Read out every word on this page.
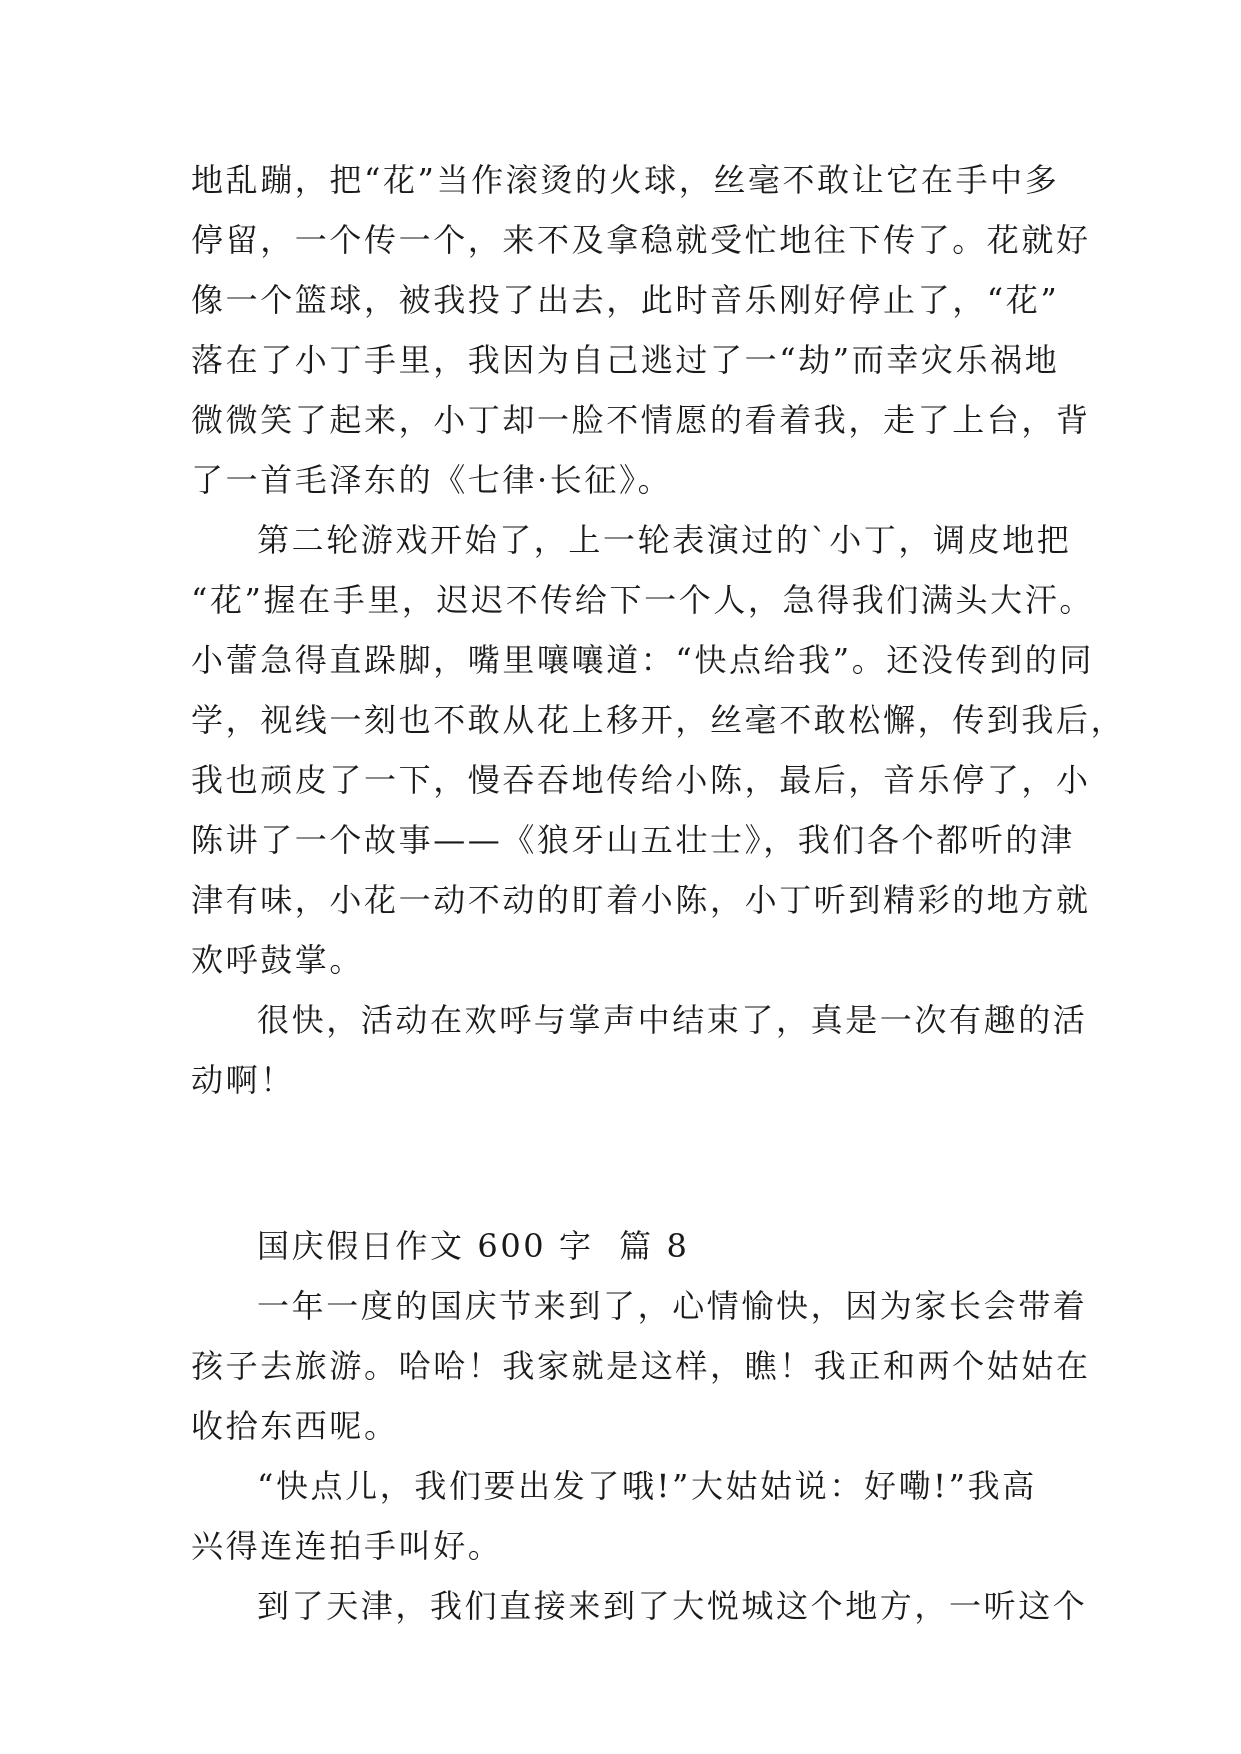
地乱蹦，把“花”当作滚烫的火球，丝毫不敢让它在手中多
停留，一个传一个，来不及拿稳就受忙地往下传了。花就好
像一个篮球，被我投了出去，此时音乐刚好停止了，“花”
落在了小丁手里，我因为自己逃过了一“劫”而幸灾乐祸地
微微笑了起来，小丁却一脸不情愿的看着我，走了上台，背
了一首毛泽东的《七律·长征》。
第二轮游戏开始了，上一轮表演过的`小丁，调皮地把
“花”握在手里，迟迟不传给下一个人，急得我们满头大汗。
小蕾急得直跺脚，嘴里嚷嚷道：“快点给我”。还没传到的同
学，视线一刻也不敢从花上移开，丝毫不敢松懈，传到我后，
我也顽皮了一下，慢吞吞地传给小陈，最后，音乐停了，小
陈讲了一个故事——《狼牙山五壮士》，我们各个都听的津
津有味，小花一动不动的盯着小陈，小丁听到精彩的地方就
欢呼鼓掌。
很快，活动在欢呼与掌声中结束了，真是一次有趣的活
动啊！
国庆假日作文 600 字  篇 8
一年一度的国庆节来到了，心情愉快，因为家长会带着
孩子去旅游。哈哈！我家就是这样，瞧！我正和两个姑姑在
收拾东西呢。
“快点儿，我们要出发了哦!”大姑姑说：好嘞!”我高
兴得连连拍手叫好。
到了天津，我们直接来到了大悦城这个地方，一听这个
